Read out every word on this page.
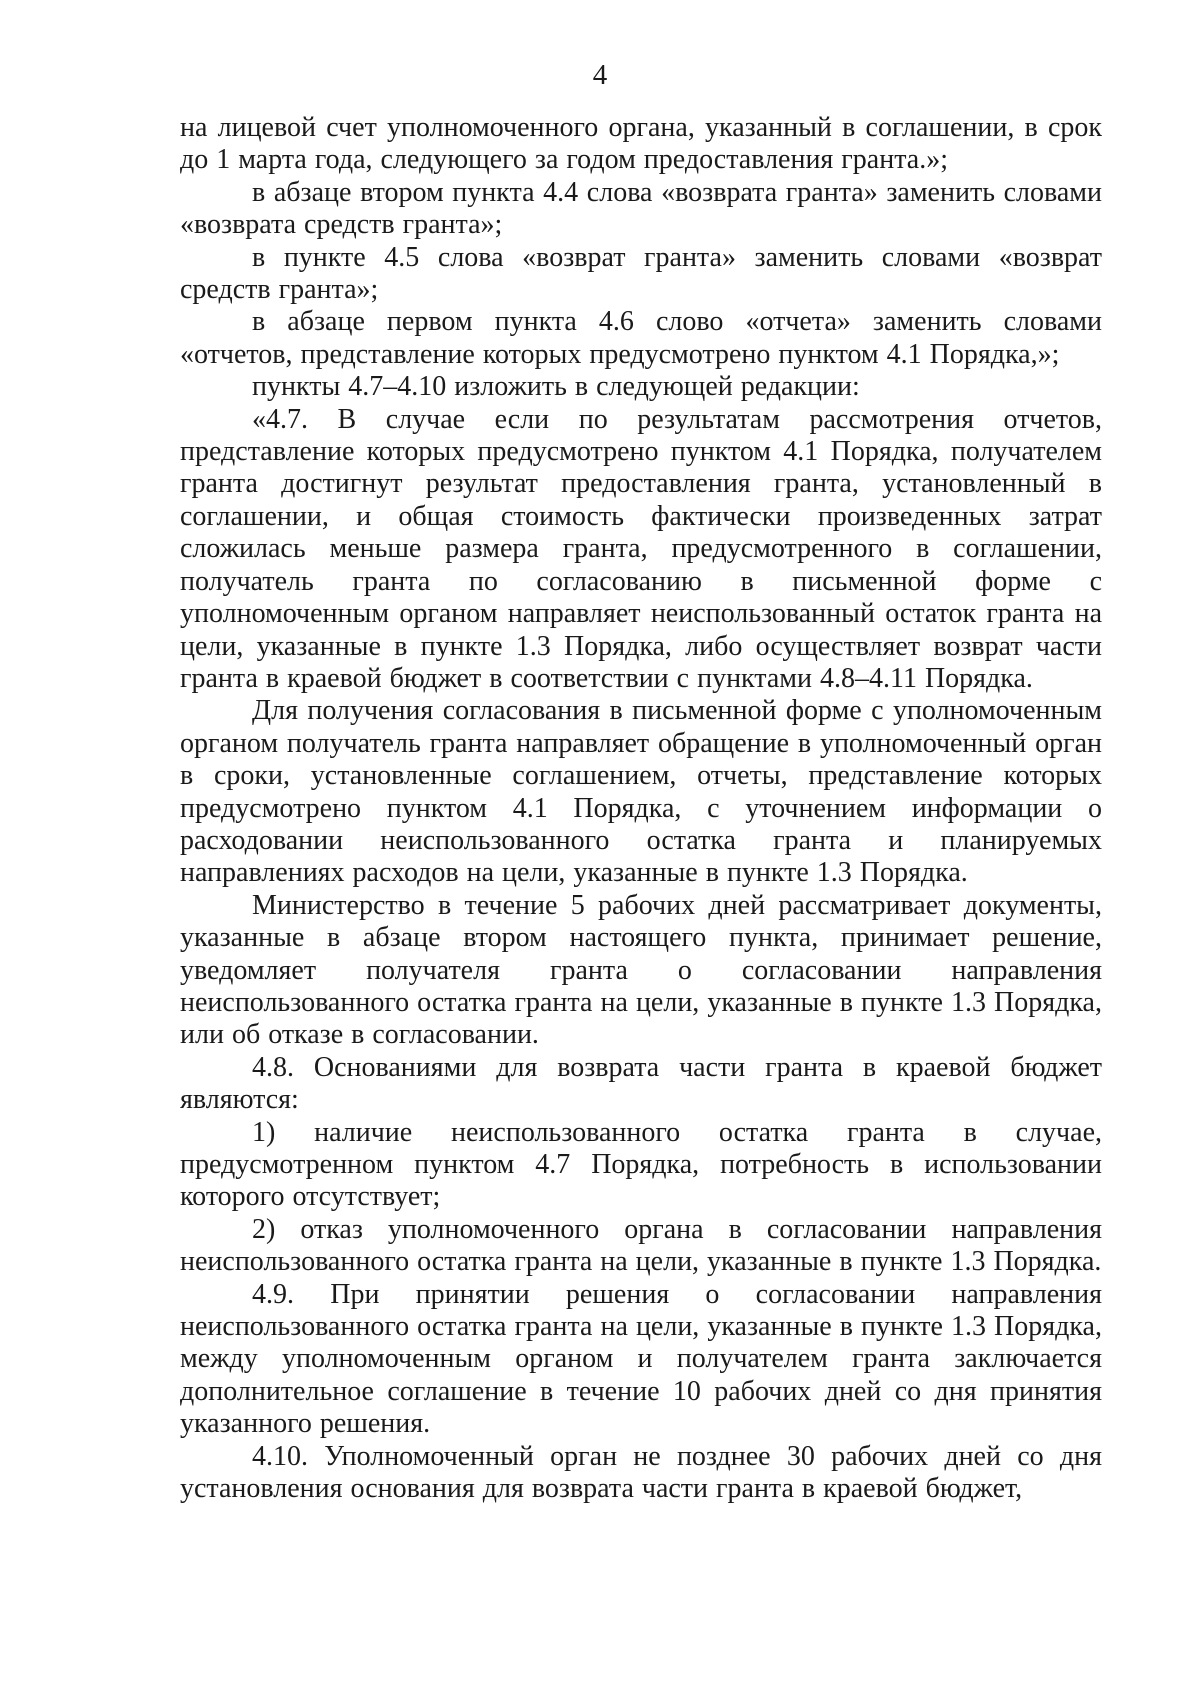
4

на лицевой счет уполномоченного органа, указанный в соглашении, в срок до 1 марта года, следующего за годом предоставления гранта.»;

в абзаце втором пункта 4.4 слова «возврата гранта» заменить словами «возврата средств гранта»;

в пункте 4.5 слова «возврат гранта» заменить словами «возврат средств гранта»;

в абзаце первом пункта 4.6 слово «отчета» заменить словами «отчетов, представление которых предусмотрено пунктом 4.1 Порядка,»;

пункты 4.7–4.10 изложить в следующей редакции:

«4.7. В случае если по результатам рассмотрения отчетов, представление которых предусмотрено пунктом 4.1 Порядка, получателем гранта достигнут результат предоставления гранта, установленный в соглашении, и общая стоимость фактически произведенных затрат сложилась меньше размера гранта, предусмотренного в соглашении, получатель гранта по согласованию в письменной форме с уполномоченным органом направляет неиспользованный остаток гранта на цели, указанные в пункте 1.3 Порядка, либо осуществляет возврат части гранта в краевой бюджет в соответствии с пунктами 4.8–4.11 Порядка.

Для получения согласования в письменной форме с уполномоченным органом получатель гранта направляет обращение в уполномоченный орган в сроки, установленные соглашением, отчеты, представление которых предусмотрено пунктом 4.1 Порядка, с уточнением информации о расходовании неиспользованного остатка гранта и планируемых направлениях расходов на цели, указанные в пункте 1.3 Порядка.

Министерство в течение 5 рабочих дней рассматривает документы, указанные в абзаце втором настоящего пункта, принимает решение, уведомляет получателя гранта о согласовании направления неиспользованного остатка гранта на цели, указанные в пункте 1.3 Порядка, или об отказе в согласовании.

4.8. Основаниями для возврата части гранта в краевой бюджет являются:

1) наличие неиспользованного остатка гранта в случае, предусмотренном пунктом 4.7 Порядка, потребность в использовании которого отсутствует;

2) отказ уполномоченного органа в согласовании направления неиспользованного остатка гранта на цели, указанные в пункте 1.3 Порядка.

4.9. При принятии решения о согласовании направления неиспользованного остатка гранта на цели, указанные в пункте 1.3 Порядка, между уполномоченным органом и получателем гранта заключается дополнительное соглашение в течение 10 рабочих дней со дня принятия указанного решения.

4.10. Уполномоченный орган не позднее 30 рабочих дней со дня установления основания для возврата части гранта в краевой бюджет,
